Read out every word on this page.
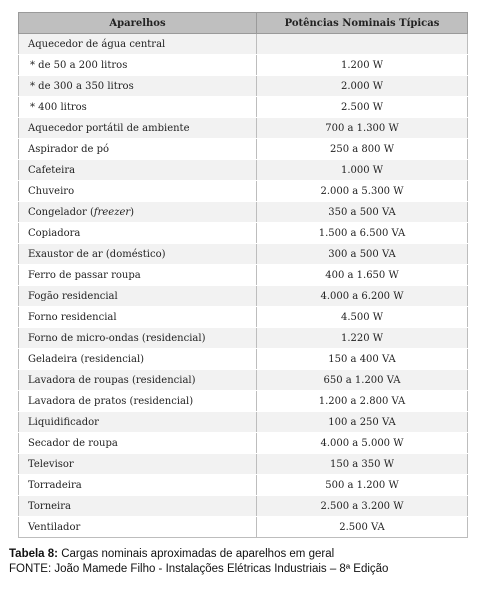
Aparelhos	Potências Nominais Típicas
Aquecedor de água central	
* de 50 a 200 litros	1.200 W
* de 300 a 350 litros	2.000 W
* 400 litros	2.500 W
Aquecedor portátil de ambiente	700 a 1.300 W
Aspirador de pó	250 a 800 W
Cafeteira	1.000 W
Chuveiro	2.000 a 5.300 W
Congelador (freezer)	350 a 500 VA
Copiadora	1.500 a 6.500 VA
Exaustor de ar (doméstico)	300 a 500 VA
Ferro de passar roupa	400 a 1.650 W
Fogão residencial	4.000 a 6.200 W
Forno residencial	4.500 W
Forno de micro-ondas (residencial)	1.220 W
Geladeira (residencial)	150 a 400 VA
Lavadora de roupas (residencial)	650 a 1.200 VA
Lavadora de pratos (residencial)	1.200 a 2.800 VA
Liquidificador	100 a 250 VA
Secador de roupa	4.000 a 5.000 W
Televisor	150 a 350 W
Torradeira	500 a 1.200 W
Torneira	2.500 a 3.200 W
Ventilador	2.500 VA
Tabela 8: Cargas nominais aproximadas de aparelhos em geral
FONTE: João Mamede Filho - Instalações Elétricas Industriais – 8ª Edição
